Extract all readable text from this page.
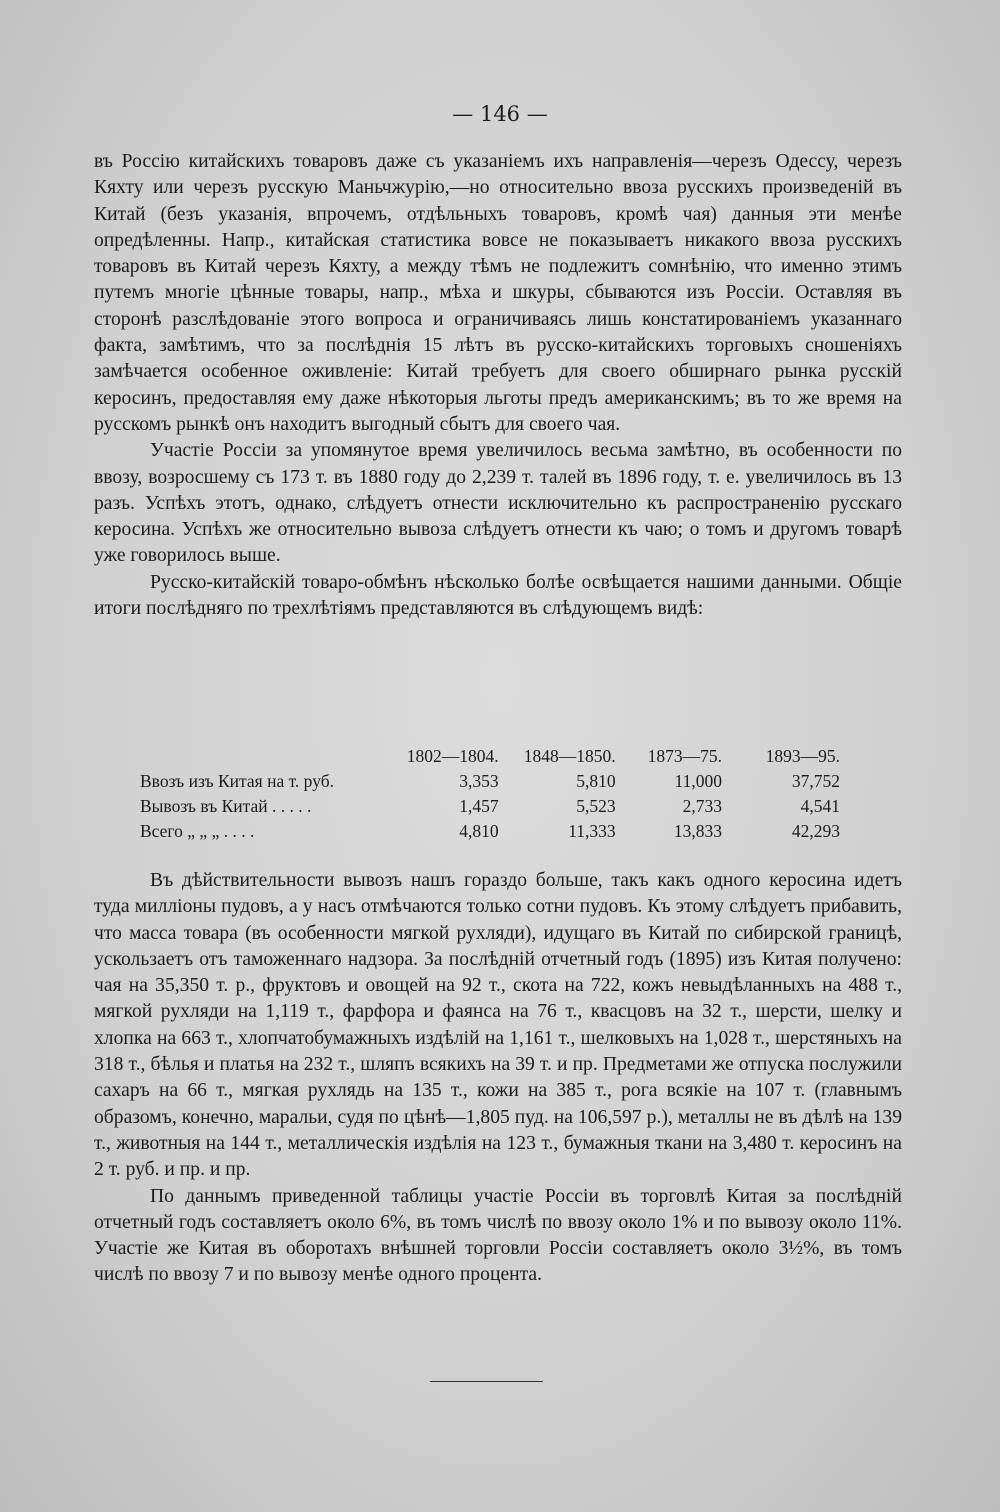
— 146 —

въ Россію китайскихъ товаровъ даже съ указаніемъ ихъ направленія—черезъ Одессу, черезъ Кяхту или черезъ русскую Маньчжурію,—но относительно ввоза русскихъ произведеній въ Китай (безъ указанія, впрочемъ, отдѣльныхъ товаровъ, кромѣ чая) данныя эти менѣе опредѣленны. Напр., китайская статистика вовсе не показываетъ никакого ввоза русскихъ товаровъ въ Китай черезъ Кяхту, а между тѣмъ не подлежитъ сомнѣнію, что именно этимъ путемъ многіе цѣнные товары, напр., мѣха и шкуры, сбываются изъ Россіи. Оставляя въ сторонѣ разслѣдованіе этого вопроса и ограничиваясь лишь констатированіемъ указаннаго факта, замѣтимъ, что за послѣднія 15 лѣтъ въ русско-китайскихъ торговыхъ сношеніяхъ замѣчается особенное оживленіе: Китай требуетъ для своего обширнаго рынка русскій керосинъ, предоставляя ему даже нѣкоторыя льготы предъ американскимъ; въ то же время на русскомъ рынкѣ онъ находитъ выгодный сбытъ для своего чая.

Участіе Россіи за упомянутое время увеличилось весьма замѣтно, въ особенности по ввозу, возросшему съ 173 т. въ 1880 году до 2,239 т. талей въ 1896 году, т. е. увеличилось въ 13 разъ. Успѣхъ этотъ, однако, слѣдуетъ отнести исключительно къ распространенію русскаго керосина. Успѣхъ же относительно вывоза слѣдуетъ отнести къ чаю; о томъ и другомъ товарѣ уже говорилось выше.

Русско-китайскій товаро-обмѣнъ нѣсколько болѣе освѣщается нашими данными. Общіе итоги послѣдняго по трехлѣтіямъ представляются въ слѣдующемъ видѣ:

	1802—1804.	1848—1850.	1873—75.	1893—95.
Ввозъ изъ Китая на т. руб.	3,353	5,810	11,000	37,752
Вывозъ въ Китай . . . . .	1,457	5,523	2,733	4,541
Всего „ „ „ . . . .	4,810	11,333	13,833	42,293

Въ дѣйствительности вывозъ нашъ гораздо больше, такъ какъ одного керосина идетъ туда милліоны пудовъ, а у насъ отмѣчаются только сотни пудовъ. Къ этому слѣдуетъ прибавить, что масса товара (въ особенности мягкой рухляди), идущаго въ Китай по сибирской границѣ, ускользаетъ отъ таможеннаго надзора. За послѣдній отчетный годъ (1895) изъ Китая получено: чая на 35,350 т. р., фруктовъ и овощей на 92 т., скота на 722, кожъ невыдѣланныхъ на 488 т., мягкой рухляди на 1,119 т., фарфора и фаянса на 76 т., квасцовъ на 32 т., шерсти, шелку и хлопка на 663 т., хлопчатобумажныхъ издѣлій на 1,161 т., шелковыхъ на 1,028 т., шерстяныхъ на 318 т., бѣлья и платья на 232 т., шляпъ всякихъ на 39 т. и пр. Предметами же отпуска послужили сахаръ на 66 т., мягкая рухлядь на 135 т., кожи на 385 т., рога всякіе на 107 т. (главнымъ образомъ, конечно, маральи, судя по цѣнѣ—1,805 пуд. на 106,597 р.), металлы не въ дѣлѣ на 139 т., животныя на 144 т., металлическія издѣлія на 123 т., бумажныя ткани на 3,480 т. керосинъ на 2 т. руб. и пр. и пр.

По даннымъ приведенной таблицы участіе Россіи въ торговлѣ Китая за послѣдній отчетный годъ составляетъ около 6%, въ томъ числѣ по ввозу около 1% и по вывозу около 11%. Участіе же Китая въ оборотахъ внѣшней торговли Россіи составляетъ около 3½%, въ томъ числѣ по ввозу 7 и по вывозу менѣе одного процента.
